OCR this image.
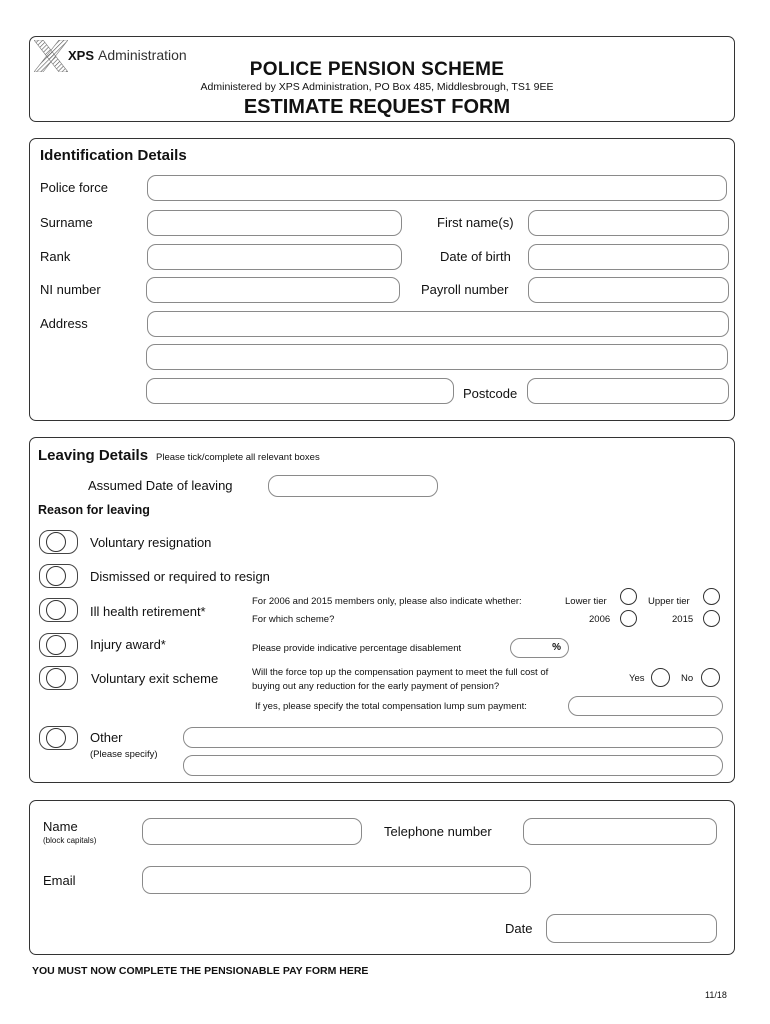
XPS Administration
POLICE PENSION SCHEME
Administered by XPS Administration, PO Box 485, Middlesbrough, TS1 9EE
ESTIMATE REQUEST FORM
Identification Details
Police force
Surname	First name(s)
Rank	Date of birth
NI number	Payroll number
Address
Postcode
Leaving Details Please tick/complete all relevant boxes
Assumed Date of leaving
Reason for leaving
Voluntary resignation
Dismissed or required to resign
Ill health retirement*
For 2006 and 2015 members only, please also indicate whether:	Lower tier	Upper tier
For which scheme?	2006	2015
Injury award*	Please provide indicative percentage disablement	%
Voluntary exit scheme	Will the force top up the compensation payment to meet the full cost of
buying out any reduction for the early payment of pension?
Yes	No
If yes, please specify the total compensation lump sum payment:
Other
(Please specify)
Name
(block capitals)
Telephone number
Email
Date
YOU MUST NOW COMPLETE THE PENSIONABLE PAY FORM HERE
11/18
